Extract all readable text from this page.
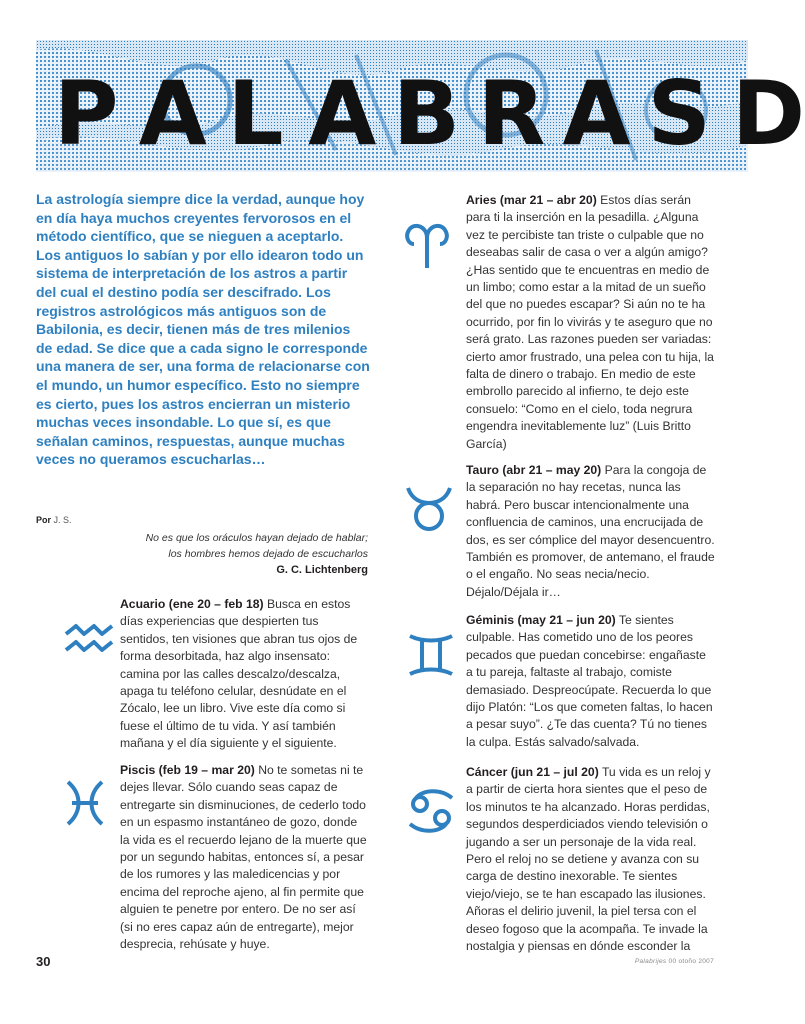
P A L A B R A S D
La astrología siempre dice la verdad, aunque hoy en día haya muchos creyentes fervorosos en el método científico, que se nieguen a aceptarlo. Los antiguos lo sabían y por ello idearon todo un sistema de interpretación de los astros a partir del cual el destino podía ser descifrado. Los registros astrológicos más antiguos son de Babilonia, es decir, tienen más de tres milenios de edad. Se dice que a cada signo le corresponde una manera de ser, una forma de relacionarse con el mundo, un humor específico. Esto no siempre es cierto, pues los astros encierran un misterio muchas veces insondable. Lo que sí, es que señalan caminos, respuestas, aunque muchas veces no queramos escucharlas…
Por J. S.
No es que los oráculos hayan dejado de hablar;
los hombres hemos dejado de escucharlos
G. C. Lichtenberg

Acuario (ene 20 – feb 18) Busca en estos días experiencias que despierten tus sentidos, ten visiones que abran tus ojos de forma desorbitada, haz algo insensato: camina por las calles descalzo/descalza, apaga tu teléfono celular, desnúdate en el Zócalo, lee un libro. Vive este día como si fuese el último de tu vida. Y así también mañana y el día siguiente y el siguiente.

Piscis (feb 19 – mar 20) No te sometas ni te dejes llevar. Sólo cuando seas capaz de entregarte sin disminuciones, de cederlo todo en un espasmo instantáneo de gozo, donde la vida es el recuerdo lejano de la muerte que por un segundo habitas, entonces sí, a pesar de los rumores y las maledicencias y por encima del reproche ajeno, al fin permite que alguien te penetre por entero. De no ser así (si no eres capaz aún de entregarte), mejor desprecia, rehúsate y huye.

Aries (mar 21 – abr 20) Estos días serán para ti la inserción en la pesadilla. ¿Alguna vez te percibiste tan triste o culpable que no deseabas salir de casa o ver a algún amigo? ¿Has sentido que te encuentras en medio de un limbo; como estar a la mitad de un sueño del que no puedes escapar? Si aún no te ha ocurrido, por fin lo vivirás y te aseguro que no será grato. Las razones pueden ser variadas: cierto amor frustrado, una pelea con tu hija, la falta de dinero o trabajo. En medio de este embrollo parecido al infierno, te dejo este consuelo: “Como en el cielo, toda negrura engendra inevitablemente luz” (Luis Britto García)

Tauro (abr 21 – may 20) Para la congoja de la separación no hay recetas, nunca las habrá. Pero buscar intencionalmente una confluencia de caminos, una encrucijada de dos, es ser cómplice del mayor desencuentro. También es promover, de antemano, el fraude o el engaño. No seas necia/necio. Déjalo/Déjala ir…

Géminis (may 21 – jun 20) Te sientes culpable. Has cometido uno de los peores pecados que puedan concebirse: engañaste a tu pareja, faltaste al trabajo, comiste demasiado. Despreocúpate. Recuerda lo que dijo Platón: “Los que cometen faltas, lo hacen a pesar suyo”. ¿Te das cuenta? Tú no tienes la culpa. Estás salvado/salvada.

Cáncer (jun 21 – jul 20) Tu vida es un reloj y a partir de cierta hora sientes que el peso de los minutos te ha alcanzado. Horas perdidas, segundos desperdiciados viendo televisión o jugando a ser un personaje de la vida real. Pero el reloj no se detiene y avanza con su carga de destino inexorable. Te sientes viejo/viejo, se te han escapado las ilusiones. Añoras el delirio juvenil, la piel tersa con el deseo fogoso que la acompaña. Te invade la nostalgia y piensas en dónde esconder la

30	Palabrijes 00 otoño 2007
